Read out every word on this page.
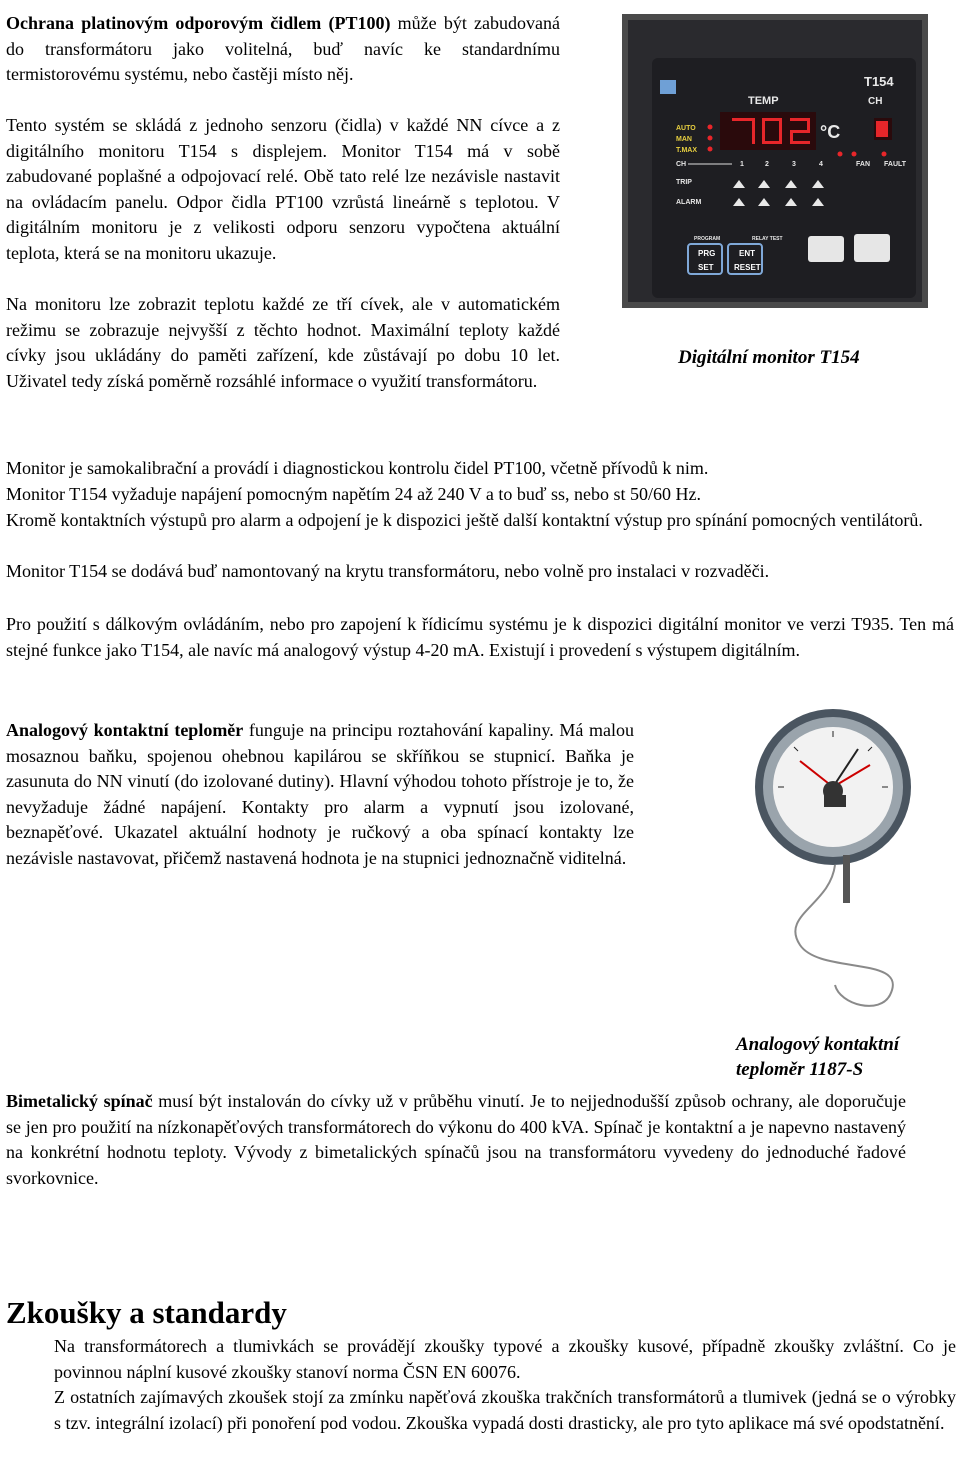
Ochrana platinovým odporovým čidlem (PT100) může být zabudovaná do transformátoru jako volitelná, buď navíc ke standardnímu termistorovému systému, nebo častěji místo něj.

Tento systém se skládá z jednoho senzoru (čidla) v každé NN cívce a z digitálního monitoru T154 s displejem. Monitor T154 má v sobě zabudované poplašné a odpojovací relé. Obě tato relé lze nezávisle nastavit na ovládacím panelu. Odpor čidla PT100 vzrůstá lineárně s teplotou. V digitálním monitoru je z velikosti odporu senzoru vypočtena aktuální teplota, která se na monitoru ukazuje.

Na monitoru lze zobrazit teplotu každé ze tří cívek, ale v automatickém režimu se zobrazuje nejvyšší z těchto hodnot. Maximální teploty každé cívky jsou ukládány do paměti zařízení, kde zůstávají po dobu 10 let. Uživatel tedy získá poměrně rozsáhlé informace o využití transformátoru.

T154
CH
TEMP
°C
AUTO
MAN
T.MAX
CH	1	2	3	4	FAN FAULT
TRIP
ALARM
PROGRAM	RELAY TEST
PRG
SET
ENT
RESET
Digitální monitor T154

Monitor je samokalibrační a provádí i diagnostickou kontrolu čidel PT100, včetně přívodů k nim.

Monitor T154 vyžaduje napájení pomocným napětím 24 až 240 V a to buď ss, nebo st 50/60 Hz.

Kromě kontaktních výstupů pro alarm a odpojení je k dispozici ještě další kontaktní výstup pro spínání pomocných ventilátorů.

Monitor T154 se dodává buď namontovaný na krytu transformátoru, nebo volně pro instalaci v rozvaděči.

Pro použití s dálkovým ovládáním, nebo pro zapojení k řídicímu systému je k dispozici digitální monitor ve verzi T935. Ten má stejné funkce jako T154, ale navíc má analogový výstup 4-20 mA. Existují i provedení s výstupem digitálním.

Analogový kontaktní teploměr funguje na principu roztahování kapaliny. Má malou mosaznou baňku, spojenou ohebnou kapilárou se skříňkou se stupnicí. Baňka je zasunuta do NN vinutí (do izolované dutiny). Hlavní výhodou tohoto přístroje je to, že nevyžaduje žádné napájení. Kontakty pro alarm a vypnutí jsou izolované, beznapěťové. Ukazatel aktuální hodnoty je ručkový a oba spínací kontakty lze nezávisle nastavovat, přičemž nastavená hodnota je na stupnici jednoznačně viditelná.

Analogový kontaktní
teploměr 1187-S

Bimetalický spínač musí být instalován do cívky už v průběhu vinutí. Je to nejjednodušší způsob ochrany, ale doporučuje se jen pro použití na nízkonapěťových transformátorech do výkonu do 400 kVA. Spínač je kontaktní a je napevno nastavený na konkrétní hodnotu teploty. Vývody z bimetalických spínačů jsou na transformátoru vyvedeny do jednoduché řadové svorkovnice.

Zkoušky a standardy

Na transformátorech a tlumivkách se provádějí zkoušky typové a zkoušky kusové, případně zkoušky zvláštní. Co je povinnou náplní kusové zkoušky stanoví norma ČSN EN 60076.

Z ostatních zajímavých zkoušek stojí za zmínku napěťová zkouška trakčních transformátorů a tlumivek (jedná se o výrobky s tzv. integrální izolací) při ponoření pod vodou. Zkouška vypadá dosti drasticky, ale pro tyto aplikace má své opodstatnění.
